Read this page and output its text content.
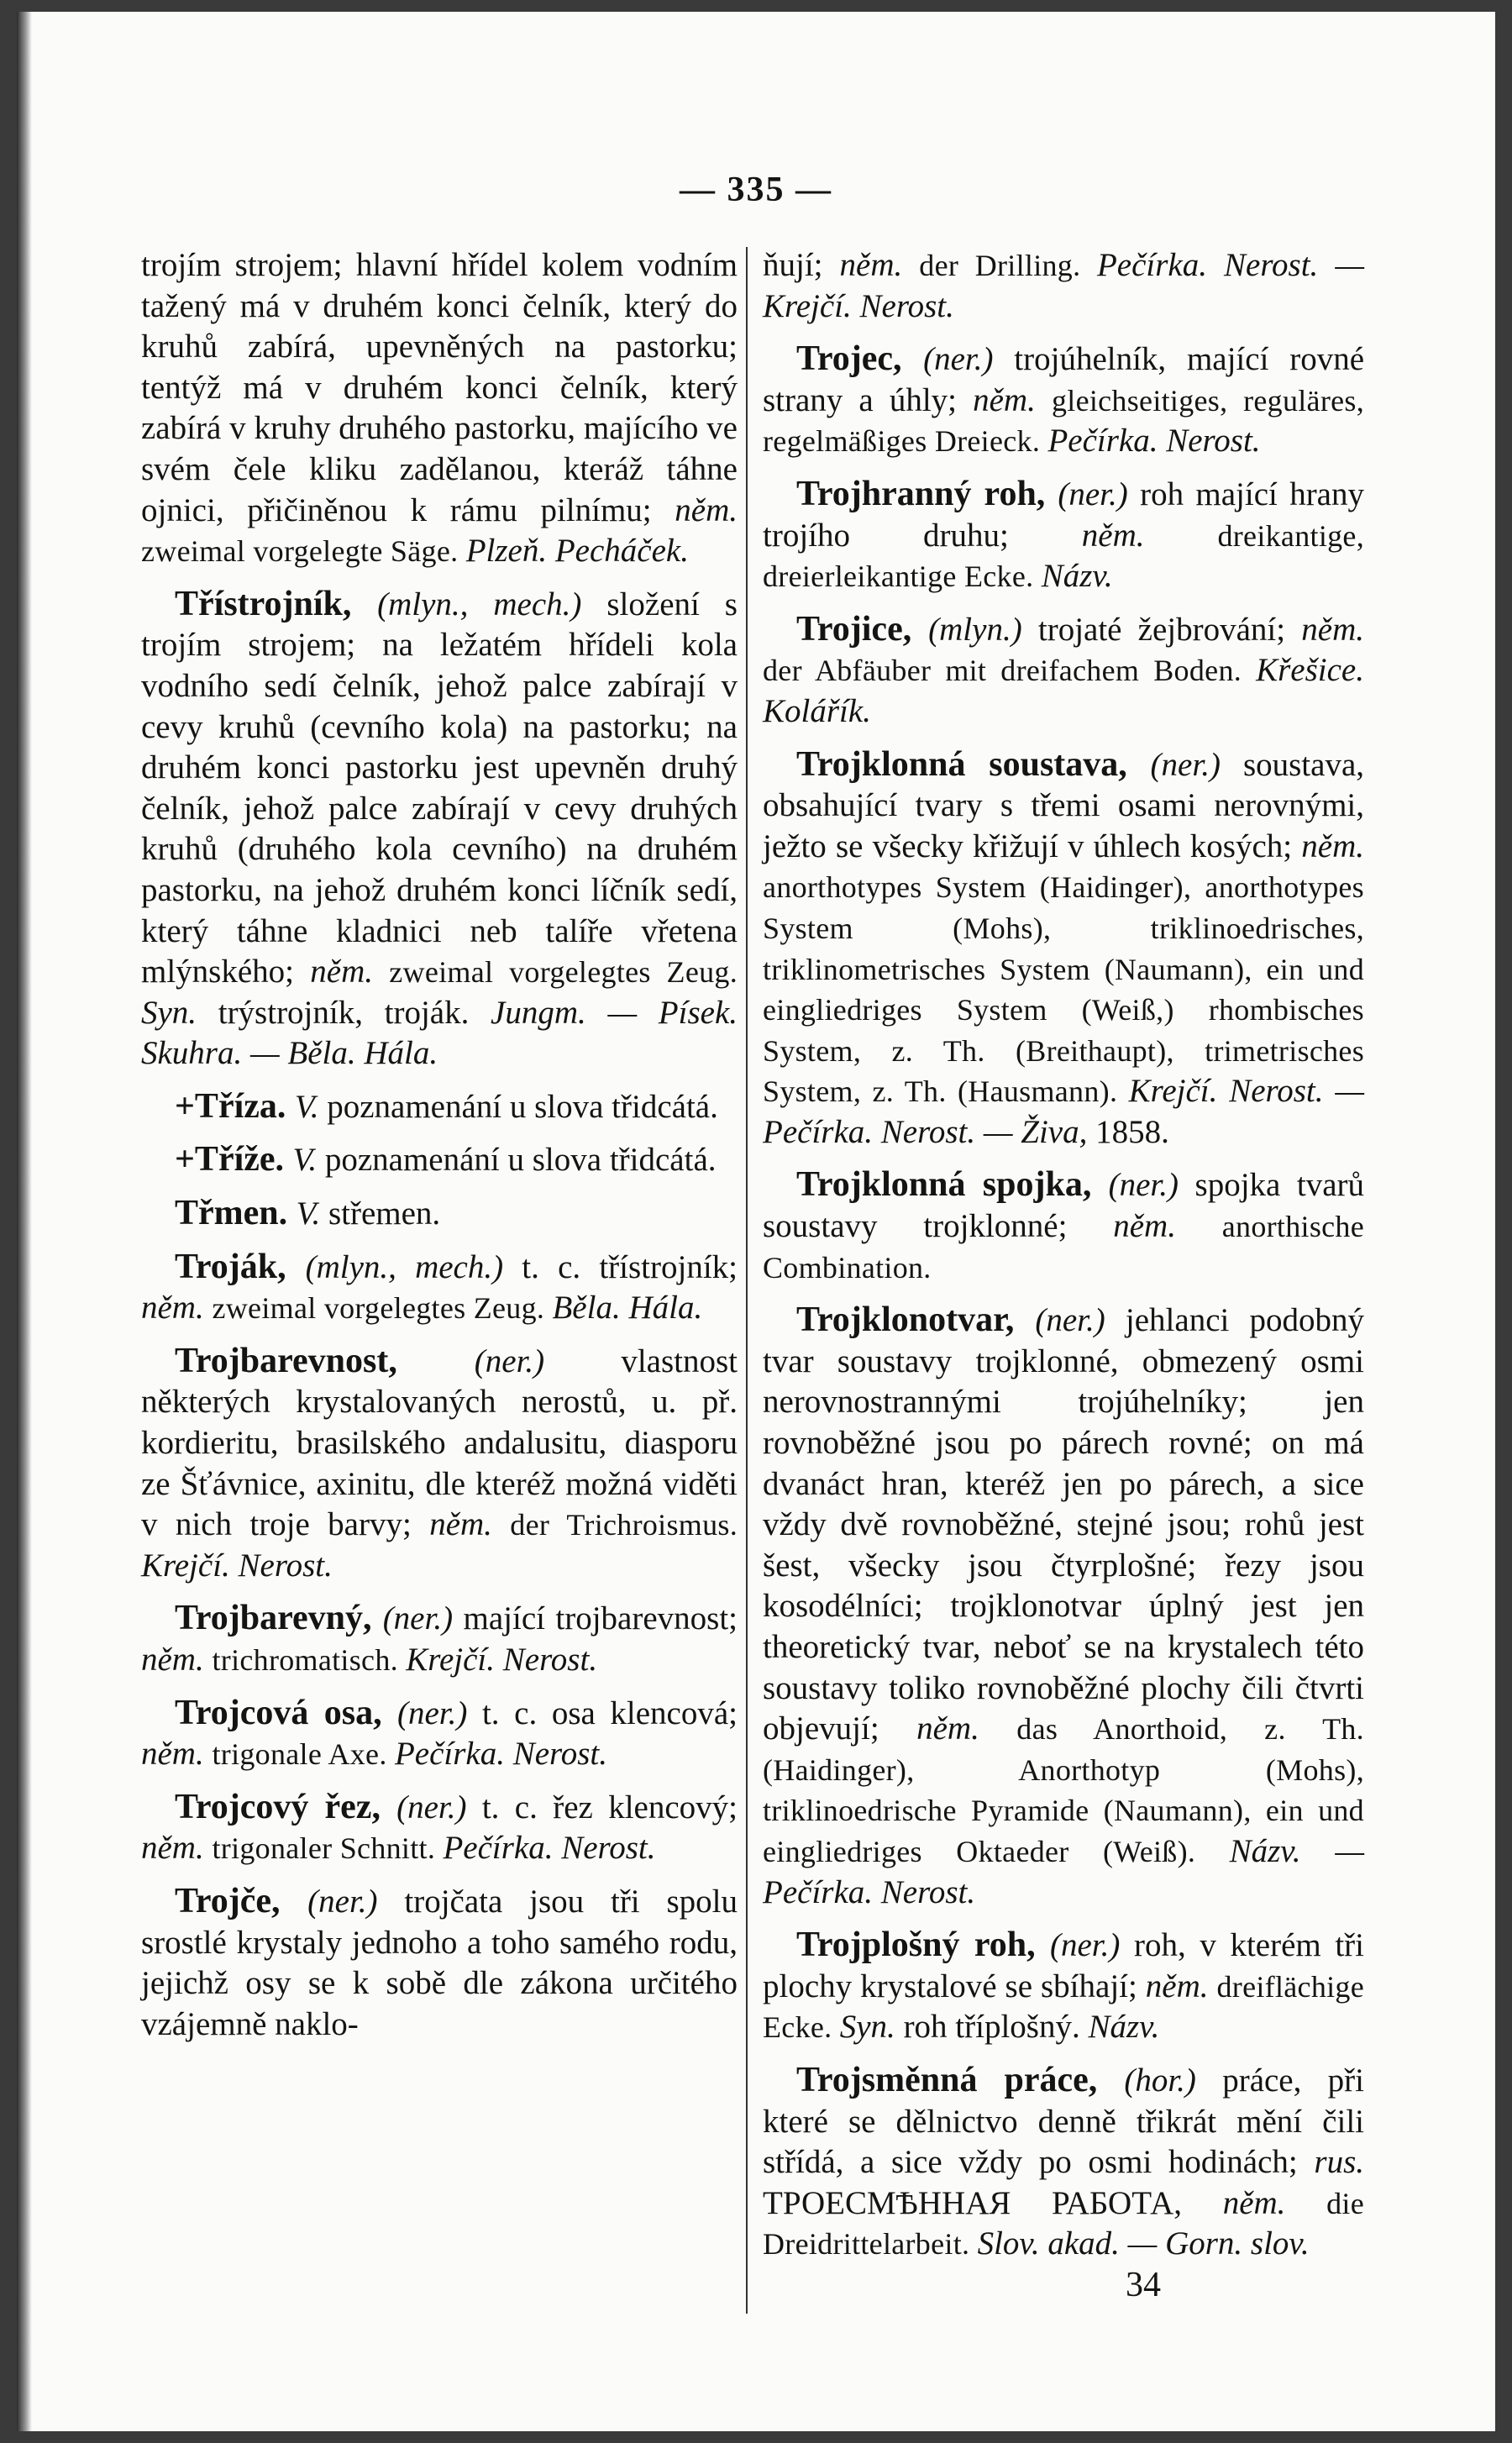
— 335 —

trojím strojem; hlavní hřídel kolem vodním tažený má v druhém konci čelník, který do kruhů zabírá, upevněných na pastorku; tentýž má v druhém konci čelník, který zabírá v kruhy druhého pastorku, majícího ve svém čele kliku zadělanou, kteráž táhne ojnici, přičiněnou k rámu pilnímu; něm. zweimal vorgelegte Säge. Plzeň. Pecháček.

Třístrojník, (mlyn., mech.) složení s trojím strojem; na ležatém hřídeli kola vodního sedí čelník, jehož palce zabírají v cevy kruhů (cevního kola) na pastorku; na druhém konci pastorku jest upevněn druhý čelník, jehož palce zabírají v cevy druhých kruhů (druhého kola cevního) na druhém pastorku, na jehož druhém konci líčník sedí, který táhne kladnici neb talíře vřetena mlýnského; něm. zweimal vorgelegtes Zeug. Syn. trýstrojník, troják. Jungm. — Písek. Skuhra. — Běla. Hála.

+Tříza. V. poznamenání u slova třidcátá.

+Tříže. V. poznamenání u slova třidcátá.

Třmen. V. střemen.

Troják, (mlyn., mech.) t. c. třístrojník; něm. zweimal vorgelegtes Zeug. Běla. Hála.

Trojbarevnost, (ner.) vlastnost některých krystalovaných nerostů, u. př. kordieritu, brasilského andalusitu, diasporu ze Šťávnice, axinitu, dle kteréž možná viděti v nich troje barvy; něm. der Trichroismus. Krejčí. Nerost.

Trojbarevný, (ner.) mající trojbarevnost; něm. trichromatisch. Krejčí. Nerost.

Trojcová osa, (ner.) t. c. osa klencová; něm. trigonale Axe. Pečírka. Nerost.

Trojcový řez, (ner.) t. c. řez klencový; něm. trigonaler Schnitt. Pečírka. Nerost.

Trojče, (ner.) trojčata jsou tři spolu srostlé krystaly jednoho a toho samého rodu, jejichž osy se k sobě dle zákona určitého vzájemně naklo-

ňují; něm. der Drilling. Pečírka. Nerost. — Krejčí. Nerost.

Trojec, (ner.) trojúhelník, mající rovné strany a úhly; něm. gleichseitiges, reguläres, regelmäßiges Dreieck. Pečírka. Nerost.

Trojhranný roh, (ner.) roh mající hrany trojího druhu; něm. dreikantige, dreierleikantige Ecke. Názv.

Trojice, (mlyn.) trojaté žejbrování; něm. der Abfäuber mit dreifachem Boden. Křešice. Kolářík.

Trojklonná soustava, (ner.) soustava, obsahující tvary s třemi osami nerovnými, ježto se všecky křižují v úhlech kosých; něm. anorthotypes System (Haidinger), anorthotypes System (Mohs), triklinoedrisches, triklinometrisches System (Naumann), ein und eingliedriges System (Weiß,) rhombisches System, z. Th. (Breithaupt), trimetrisches System, z. Th. (Hausmann). Krejčí. Nerost. — Pečírka. Nerost. — Živa, 1858.

Trojklonná spojka, (ner.) spojka tvarů soustavy trojklonné; něm. anorthische Combination.

Trojklonotvar, (ner.) jehlanci podobný tvar soustavy trojklonné, obmezený osmi nerovnostrannými trojúhelníky; jen rovnoběžné jsou po párech rovné; on má dvanáct hran, kteréž jen po párech, a sice vždy dvě rovnoběžné, stejné jsou; rohů jest šest, všecky jsou čtyrplošné; řezy jsou kosodélníci; trojklonotvar úplný jest jen theoretický tvar, neboť se na krystalech této soustavy toliko rovnoběžné plochy čili čtvrti objevují; něm. das Anorthoid, z. Th. (Haidinger), Anorthotyp (Mohs), triklinoedrische Pyramide (Naumann), ein und eingliedriges Oktaeder (Weiß). Názv. — Pečírka. Nerost.

Trojplošný roh, (ner.) roh, v kterém tři plochy krystalové se sbíhají; něm. dreiflächige Ecke. Syn. roh tříplošný. Názv.

Trojsměnná práce, (hor.) práce, při které se dělnictvo denně třikrát mění čili střídá, a sice vždy po osmi hodinách; rus. ТРОЕСМѢННАЯ РАБОТА, něm. die Dreidrittelarbeit. Slov. akad. — Gorn. slov.

34
